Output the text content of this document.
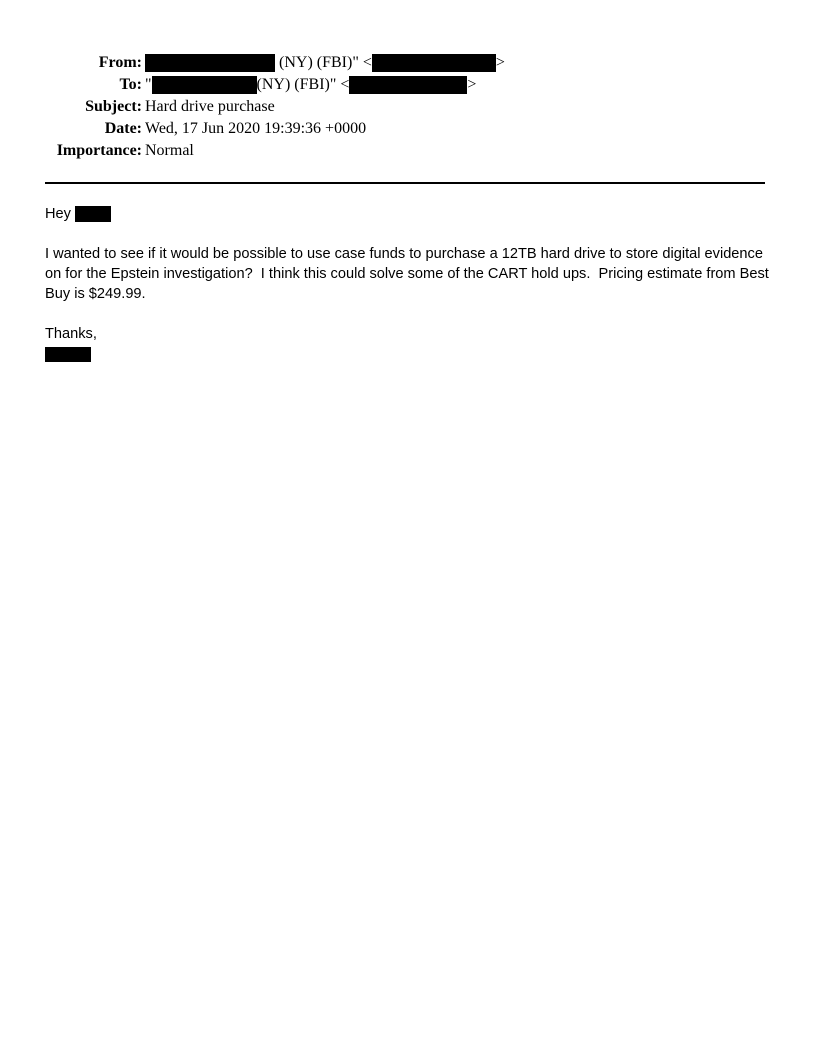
From:	(NY) (FBI)" <	>
To: "	(NY) (FBI)" <	>
Subject: Hard drive purchase
Date: Wed, 17 Jun 2020 19:39:36 +0000
Importance: Normal
Hey

I wanted to see if it would be possible to use case funds to purchase a 12TB hard drive to store digital evidence on for the Epstein investigation?  I think this could solve some of the CART hold ups.  Pricing estimate from Best Buy is $249.99.

Thanks,
